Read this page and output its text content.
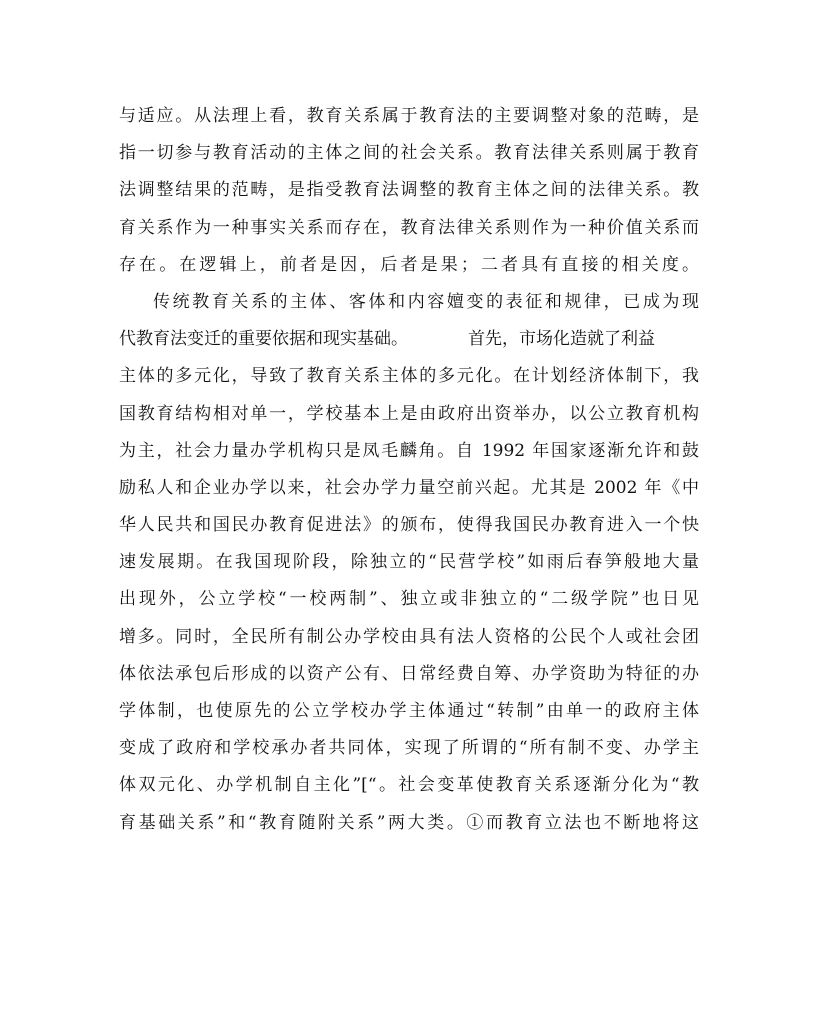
与适应。从法理上看，教育关系属于教育法的主要调整对象的范畴，是
指一切参与教育活动的主体之间的社会关系。教育法律关系则属于教育
法调整结果的范畴，是指受教育法调整的教育主体之间的法律关系。教
育关系作为一种事实关系而存在，教育法律关系则作为一种价值关系而
存在。在逻辑上，前者是因，后者是果；二者具有直接的相关度。
传统教育关系的主体、客体和内容嬗变的表征和规律，已成为现
代教育法变迁的重要依据和现实基础。	首先，市场化造就了利益
主体的多元化，导致了教育关系主体的多元化。在计划经济体制下，我
国教育结构相对单一，学校基本上是由政府出资举办，以公立教育机构
为主，社会力量办学机构只是凤毛麟角。自 1992 年国家逐渐允许和鼓
励私人和企业办学以来，社会办学力量空前兴起。尤其是 2002 年《中
华人民共和国民办教育促进法》的颁布，使得我国民办教育进入一个快
速发展期。在我国现阶段，除独立的“民营学校”如雨后春笋般地大量
出现外，公立学校“一校两制”、独立或非独立的“二级学院”也日见
增多。同时，全民所有制公办学校由具有法人资格的公民个人或社会团
体依法承包后形成的以资产公有、日常经费自筹、办学资助为特征的办
学体制，也使原先的公立学校办学主体通过“转制”由单一的政府主体
变成了政府和学校承办者共同体，实现了所谓的“所有制不变、办学主
体双元化、办学机制自主化”[“。社会变革使教育关系逐渐分化为“教
育基础关系”和“教育随附关系”两大类。①而教育立法也不断地将这
